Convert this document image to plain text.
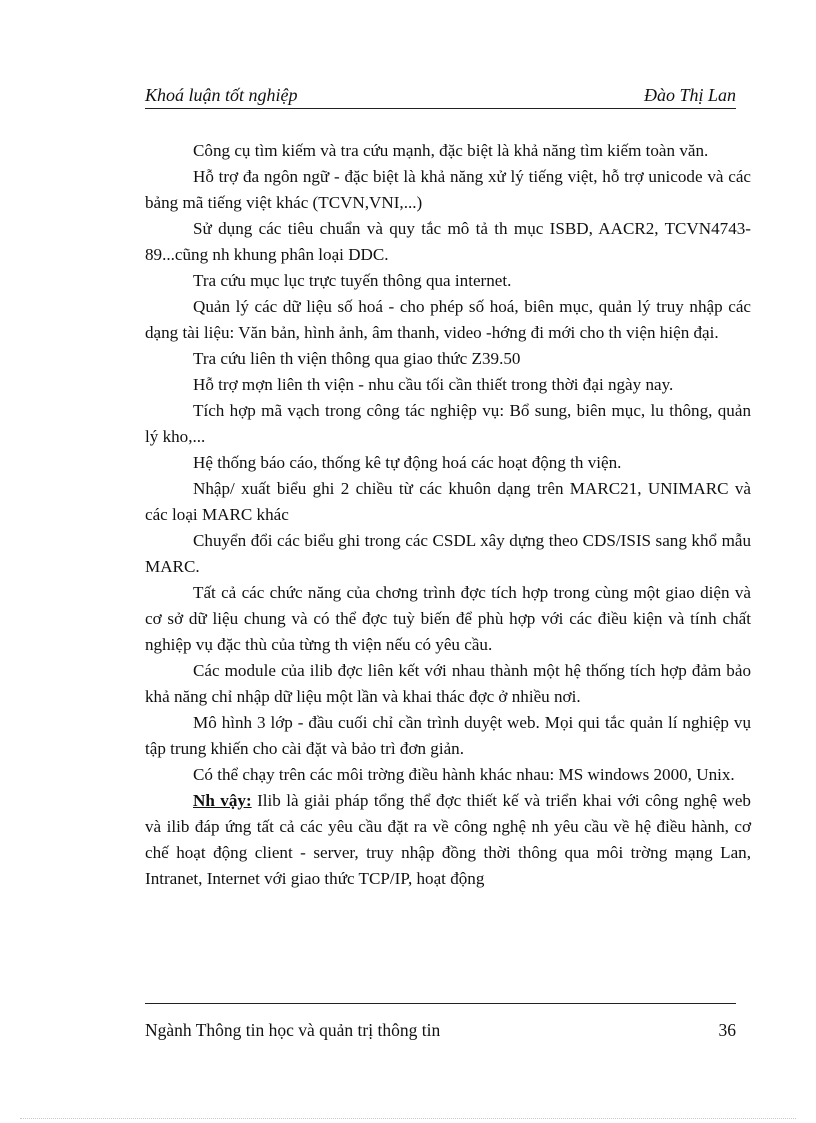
Khoá luận tốt nghiệp	Đào Thị Lan

Công cụ tìm kiếm và tra cứu mạnh, đặc biệt là khả năng tìm kiếm toàn văn.

Hỗ trợ đa ngôn ngữ - đặc biệt là khả năng xử lý tiếng việt, hỗ trợ unicode và các bảng mã tiếng việt khác (TCVN,VNI,...)

Sử dụng các tiêu chuẩn và quy tắc mô tả th mục ISBD, AACR2, TCVN4743-89...cũng nh khung phân loại DDC.

Tra cứu mục lục trực tuyến thông qua internet.

Quản lý các dữ liệu số hoá - cho phép số hoá, biên mục, quản lý truy nhập các dạng tài liệu: Văn bản, hình ảnh, âm thanh, video -hớng đi mới cho th viện hiện đại.

Tra cứu liên th viện thông qua giao thức Z39.50

Hỗ trợ mợn liên th viện - nhu cầu tối cần thiết trong thời đại ngày nay.

Tích hợp mã vạch trong công tác nghiệp vụ: Bổ sung, biên mục, lu thông, quản lý kho,...

Hệ thống báo cáo, thống kê tự động hoá các hoạt động th viện.

Nhập/ xuất biểu ghi 2 chiều từ các khuôn dạng trên MARC21, UNIMARC và các loại MARC khác

Chuyển đổi các biểu ghi trong các CSDL xây dựng theo CDS/ISIS sang khổ mẫu MARC.

Tất cả các chức năng của chơng trình đợc tích hợp trong cùng một giao diện và cơ sở dữ liệu chung và có thể đợc tuỳ biến để phù hợp với các điều kiện và tính chất nghiệp vụ đặc thù của từng th viện nếu có yêu cầu.

Các module của ilib đợc liên kết với nhau thành một hệ thống tích hợp đảm bảo khả năng chỉ nhập dữ liệu một lần và khai thác đợc ở nhiều nơi.

Mô hình 3 lớp - đầu cuối chỉ cần trình duyệt web. Mọi qui tắc quản lí nghiệp vụ tập trung khiến cho cài đặt và bảo trì đơn giản.

Có thể chạy trên các môi trờng điều hành khác nhau: MS windows 2000, Unix.

Nh vậy: Ilib là giải pháp tổng thể đợc thiết kế và triển khai với công nghệ web và ilib đáp ứng tất cả các yêu cầu đặt ra về công nghệ nh yêu cầu về hệ điều hành, cơ chế hoạt động client - server, truy nhập đồng thời thông qua môi trờng mạng Lan, Intranet, Internet với giao thức TCP/IP, hoạt động

Ngành Thông tin học và quản trị thông tin	36
